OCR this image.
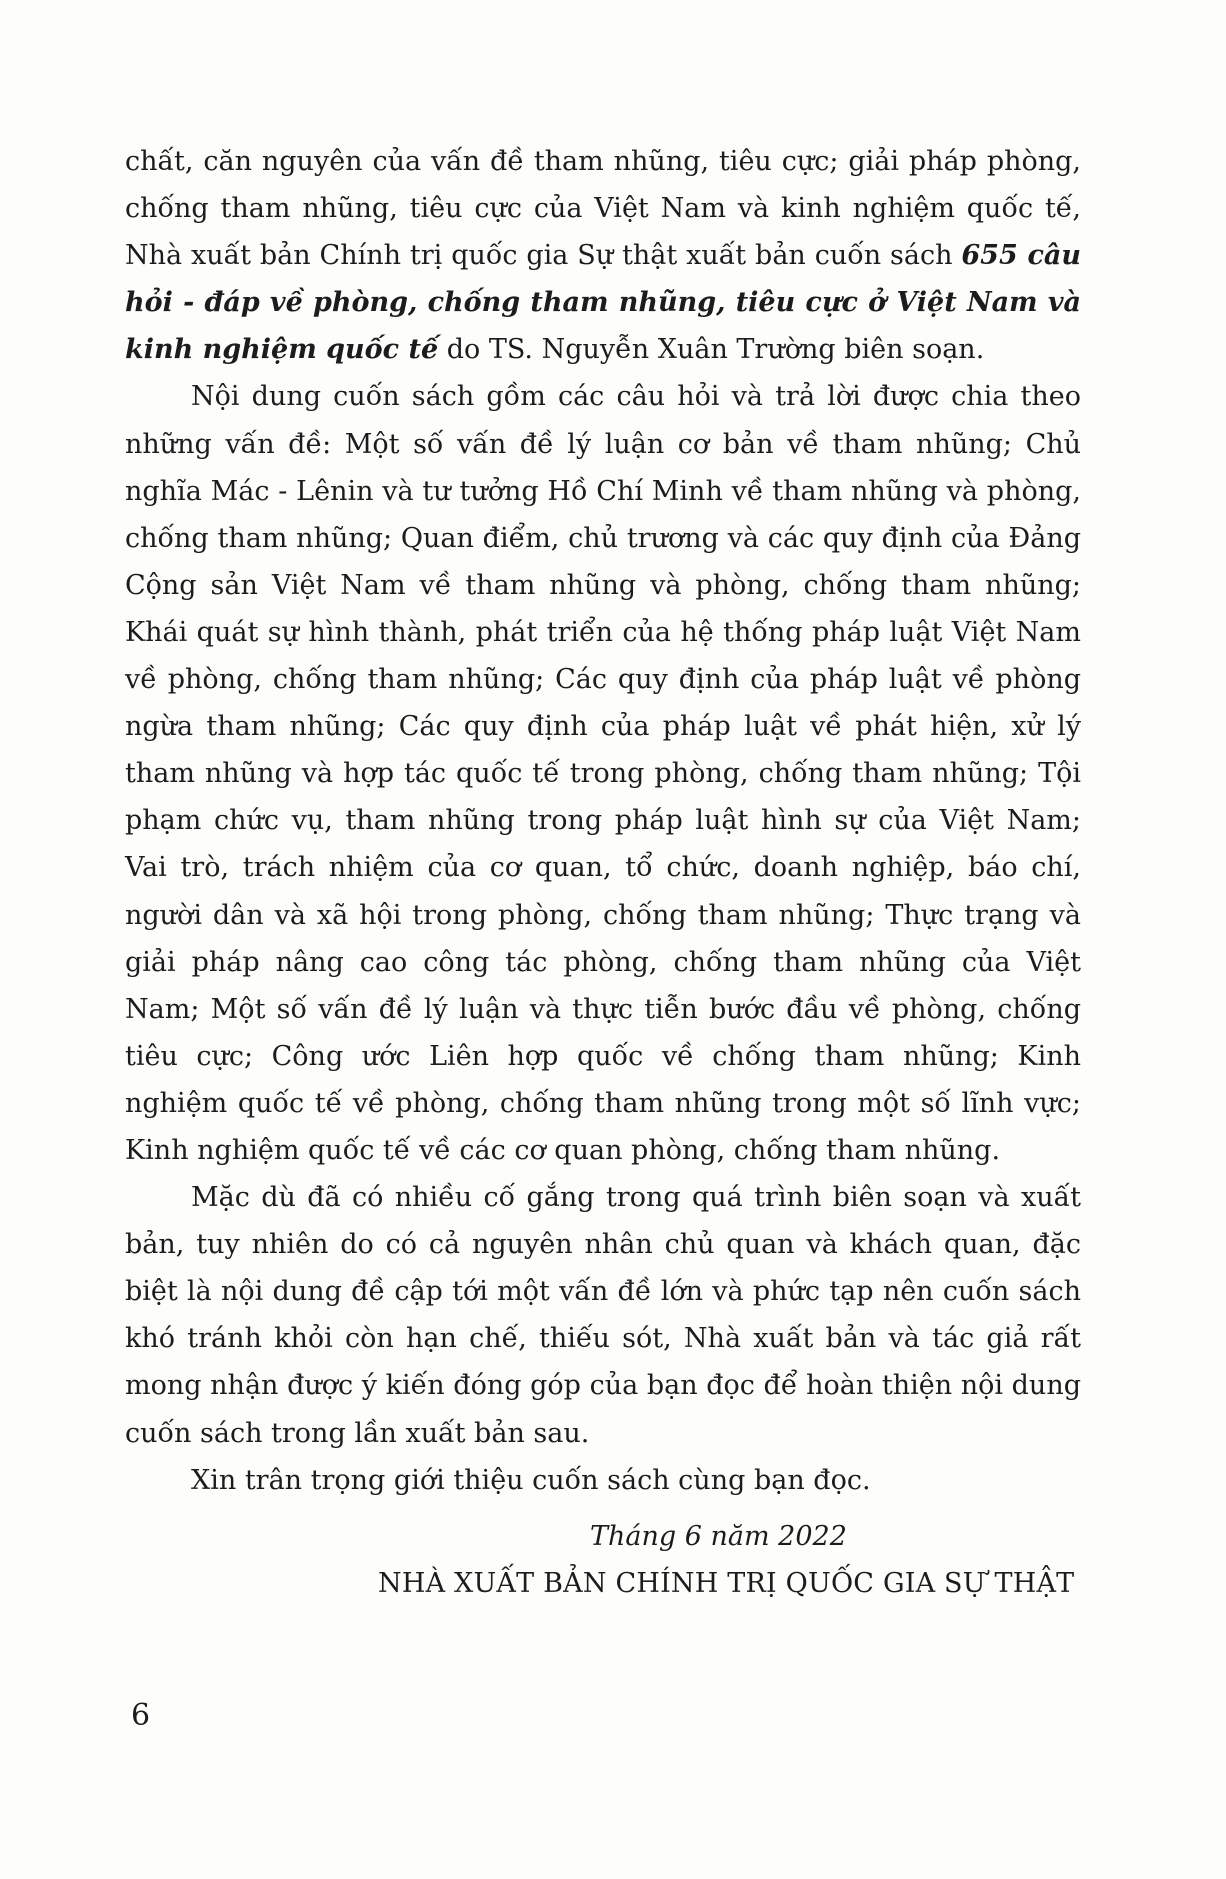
chất, căn nguyên của vấn đề tham nhũng, tiêu cực; giải pháp phòng, chống tham nhũng, tiêu cực của Việt Nam và kinh nghiệm quốc tế, Nhà xuất bản Chính trị quốc gia Sự thật xuất bản cuốn sách 655 câu hỏi - đáp về phòng, chống tham nhũng, tiêu cực ở Việt Nam và kinh nghiệm quốc tế do TS. Nguyễn Xuân Trường biên soạn.

Nội dung cuốn sách gồm các câu hỏi và trả lời được chia theo những vấn đề: Một số vấn đề lý luận cơ bản về tham nhũng; Chủ nghĩa Mác - Lênin và tư tưởng Hồ Chí Minh về tham nhũng và phòng, chống tham nhũng; Quan điểm, chủ trương và các quy định của Đảng Cộng sản Việt Nam về tham nhũng và phòng, chống tham nhũng; Khái quát sự hình thành, phát triển của hệ thống pháp luật Việt Nam về phòng, chống tham nhũng; Các quy định của pháp luật về phòng ngừa tham nhũng; Các quy định của pháp luật về phát hiện, xử lý tham nhũng và hợp tác quốc tế trong phòng, chống tham nhũng; Tội phạm chức vụ, tham nhũng trong pháp luật hình sự của Việt Nam; Vai trò, trách nhiệm của cơ quan, tổ chức, doanh nghiệp, báo chí, người dân và xã hội trong phòng, chống tham nhũng; Thực trạng và giải pháp nâng cao công tác phòng, chống tham nhũng của Việt Nam; Một số vấn đề lý luận và thực tiễn bước đầu về phòng, chống tiêu cực; Công ước Liên hợp quốc về chống tham nhũng; Kinh nghiệm quốc tế về phòng, chống tham nhũng trong một số lĩnh vực; Kinh nghiệm quốc tế về các cơ quan phòng, chống tham nhũng.

Mặc dù đã có nhiều cố gắng trong quá trình biên soạn và xuất bản, tuy nhiên do có cả nguyên nhân chủ quan và khách quan, đặc biệt là nội dung đề cập tới một vấn đề lớn và phức tạp nên cuốn sách khó tránh khỏi còn hạn chế, thiếu sót, Nhà xuất bản và tác giả rất mong nhận được ý kiến đóng góp của bạn đọc để hoàn thiện nội dung cuốn sách trong lần xuất bản sau.

Xin trân trọng giới thiệu cuốn sách cùng bạn đọc.

Tháng 6 năm 2022
NHÀ XUẤT BẢN CHÍNH TRỊ QUỐC GIA SỰ THẬT
6
